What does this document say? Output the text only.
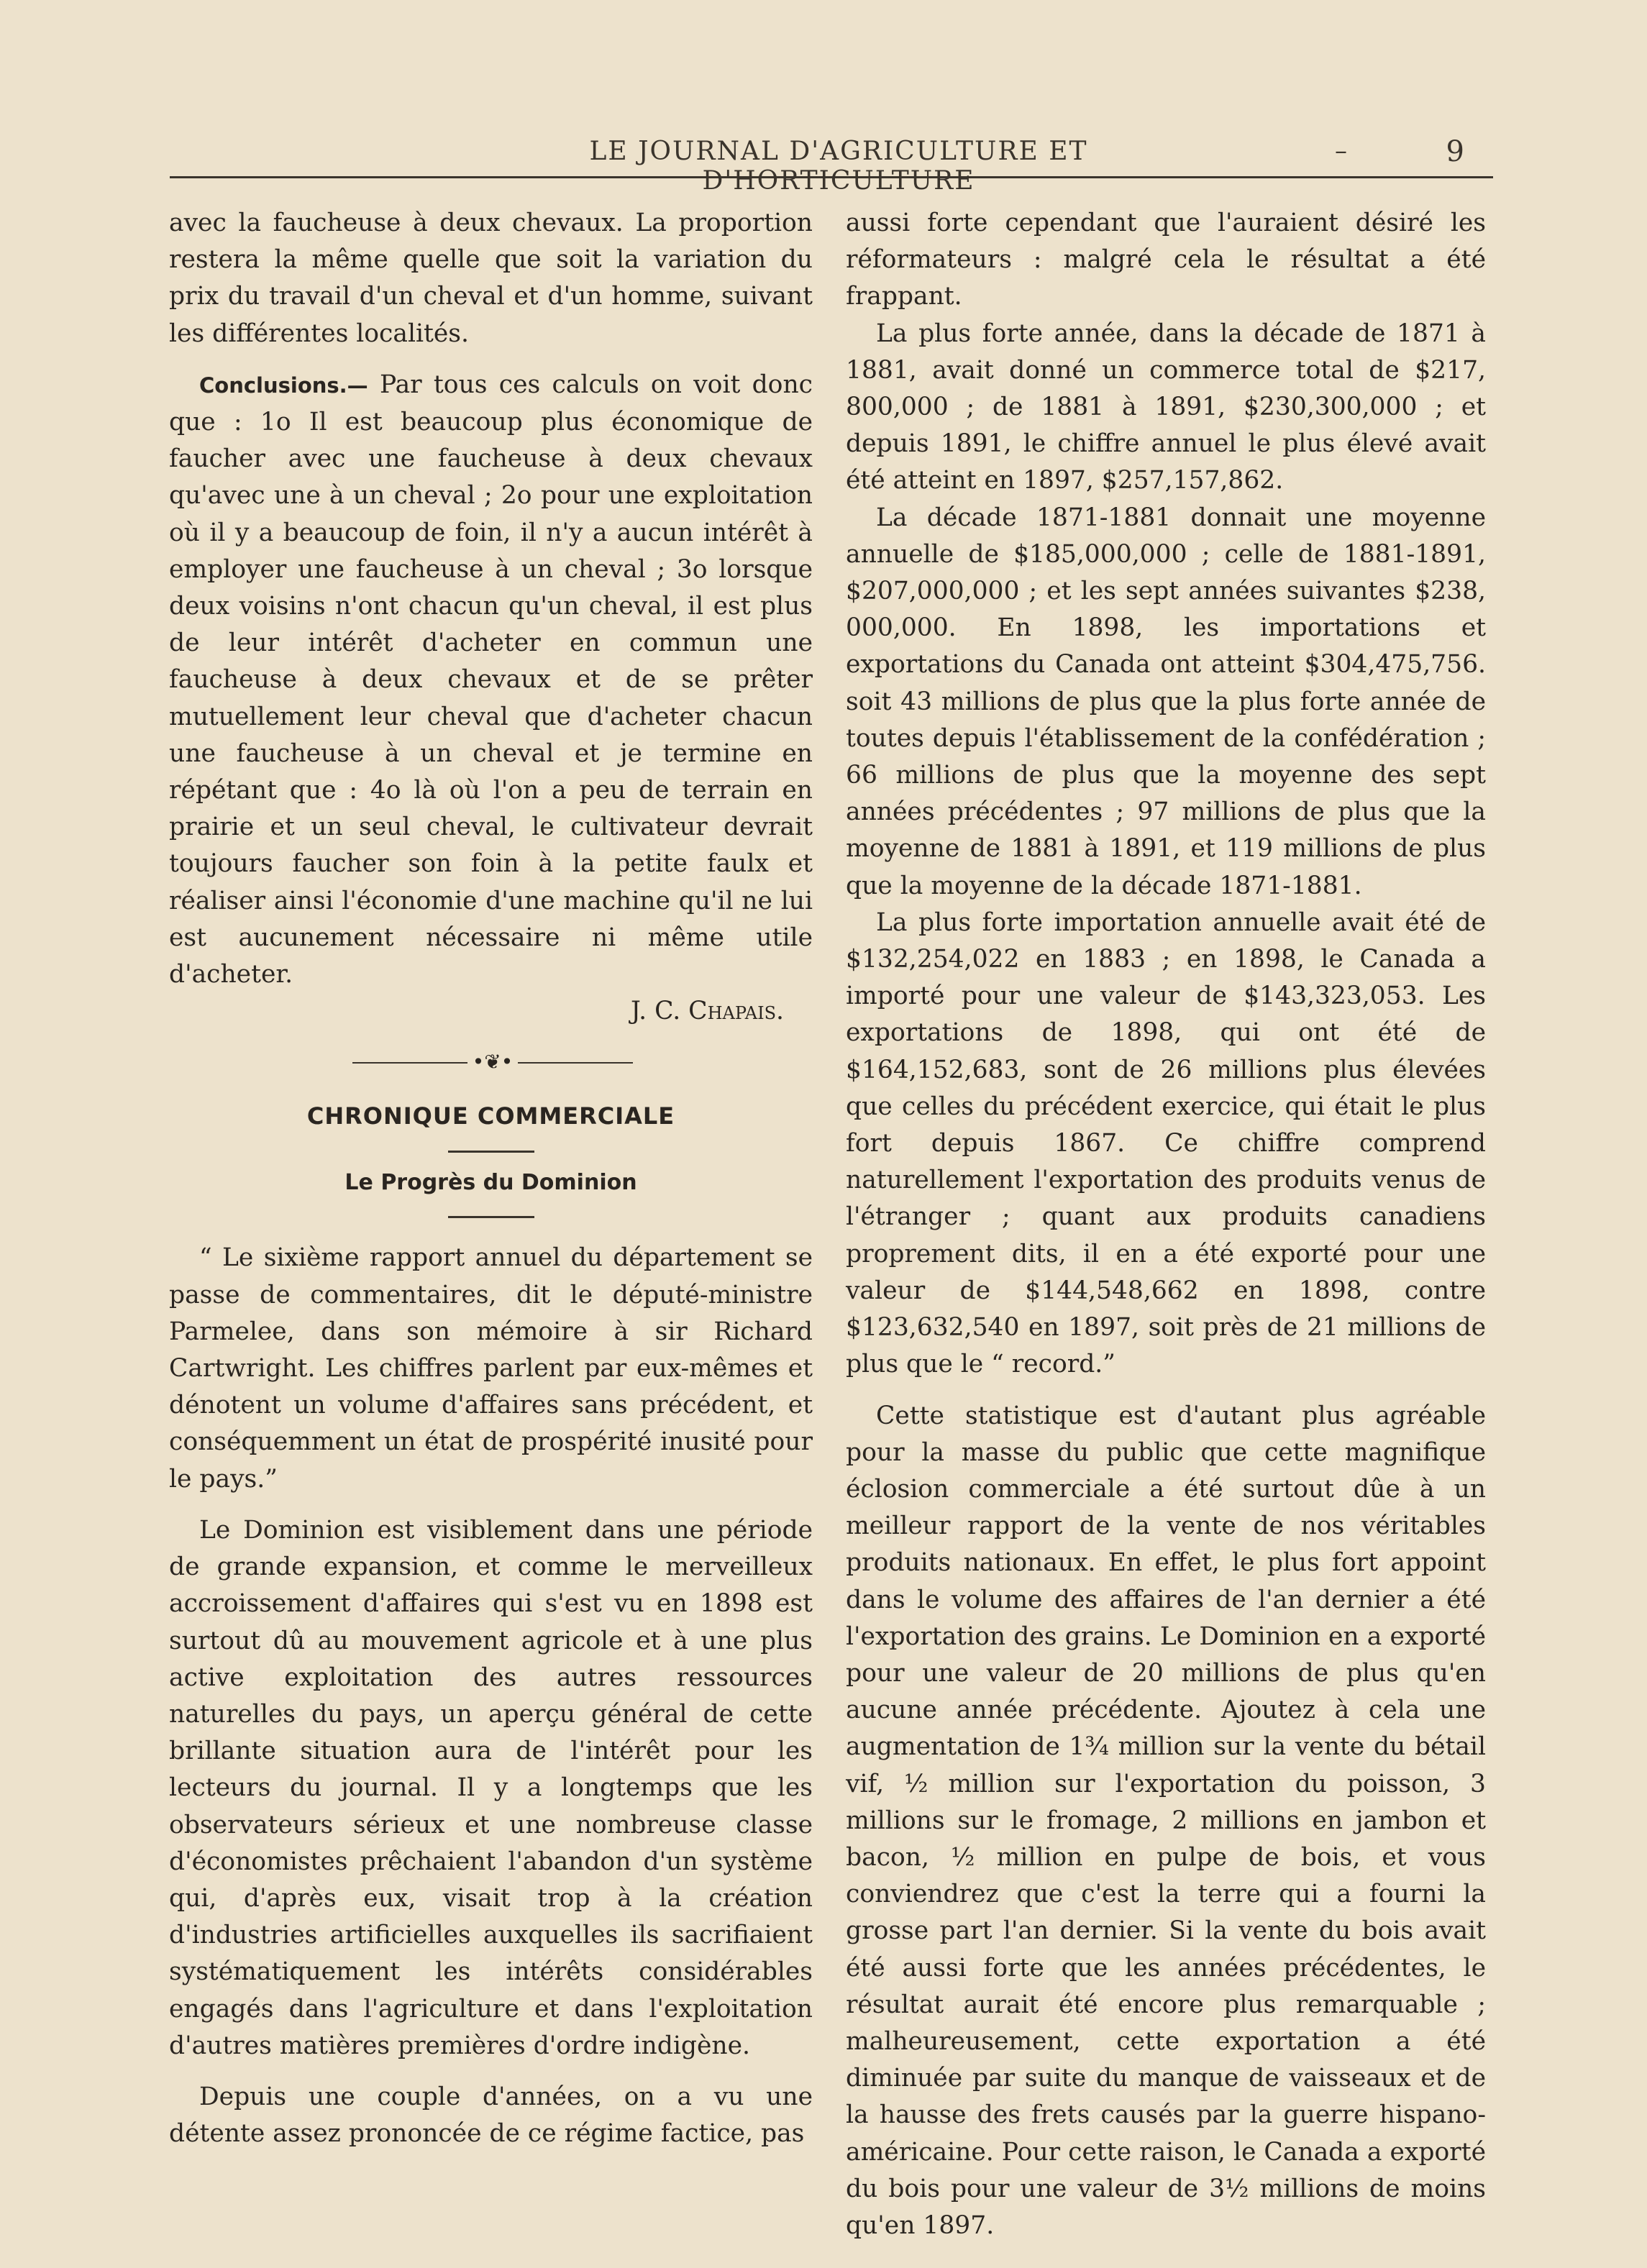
LE JOURNAL D'AGRICULTURE ET D'HORTICULTURE
–	9

avec la faucheuse à deux chevaux. La proportion restera la même quelle que soit la variation du prix du travail d'un cheval et d'un homme, suivant les différentes localités.

Conclusions.— Par tous ces calculs on voit donc que : 1o Il est beaucoup plus économique de faucher avec une faucheuse à deux chevaux qu'avec une à un cheval ; 2o pour une exploitation où il y a beaucoup de foin, il n'y a aucun intérêt à employer une faucheuse à un cheval ; 3o lorsque deux voisins n'ont chacun qu'un cheval, il est plus de leur intérêt d'acheter en commun une faucheuse à deux chevaux et de se prêter mutuellement leur cheval que d'acheter chacun une faucheuse à un cheval et je termine en répétant que : 4o là où l'on a peu de terrain en prairie et un seul cheval, le cultivateur devrait toujours faucher son foin à la petite faulx et réaliser ainsi l'économie d'une machine qu'il ne lui est aucunement nécessaire ni même utile d'acheter.

J. C. Chapais.

•❦•
CHRONIQUE COMMERCIALE
Le Progrès du Dominion

“ Le sixième rapport annuel du département se passe de commentaires, dit le député-ministre Parmelee, dans son mémoire à sir Richard Cartwright. Les chiffres parlent par eux-mêmes et dénotent un volume d'affaires sans précédent, et conséquemment un état de prospérité inusité pour le pays.”

Le Dominion est visiblement dans une période de grande expansion, et comme le merveilleux accroissement d'affaires qui s'est vu en 1898 est surtout dû au mouvement agricole et à une plus active exploitation des autres ressources naturelles du pays, un aperçu général de cette brillante situation aura de l'intérêt pour les lecteurs du journal. Il y a longtemps que les observateurs sérieux et une nombreuse classe d'économistes prêchaient l'abandon d'un système qui, d'après eux, visait trop à la création d'industries artificielles auxquelles ils sacrifiaient systématiquement les intérêts considérables engagés dans l'agriculture et dans l'exploitation d'autres matières premières d'ordre indigène.

Depuis une couple d'années, on a vu une détente assez prononcée de ce régime factice, pas

aussi forte cependant que l'auraient désiré les réformateurs : malgré cela le résultat a été frappant.

La plus forte année, dans la décade de 1871 à 1881, avait donné un commerce total de $217, 800,000 ; de 1881 à 1891, $230,300,000 ; et depuis 1891, le chiffre annuel le plus élevé avait été atteint en 1897, $257,157,862.

La décade 1871-1881 donnait une moyenne annuelle de $185,000,000 ; celle de 1881-1891, $207,000,000 ; et les sept années suivantes $238, 000,000. En 1898, les importations et exportations du Canada ont atteint $304,475,756. soit 43 millions de plus que la plus forte année de toutes depuis l'établissement de la confédération ; 66 millions de plus que la moyenne des sept années précédentes ; 97 millions de plus que la moyenne de 1881 à 1891, et 119 millions de plus que la moyenne de la décade 1871-1881.

La plus forte importation annuelle avait été de $132,254,022 en 1883 ; en 1898, le Canada a importé pour une valeur de $143,323,053. Les exportations de 1898, qui ont été de $164,152,683, sont de 26 millions plus élevées que celles du précédent exercice, qui était le plus fort depuis 1867. Ce chiffre comprend naturellement l'exportation des produits venus de l'étranger ; quant aux produits canadiens proprement dits, il en a été exporté pour une valeur de $144,548,662 en 1898, contre $123,632,540 en 1897, soit près de 21 millions de plus que le “ record.”

Cette statistique est d'autant plus agréable pour la masse du public que cette magnifique éclosion commerciale a été surtout dûe à un meilleur rapport de la vente de nos véritables produits nationaux. En effet, le plus fort appoint dans le volume des affaires de l'an dernier a été l'exportation des grains. Le Dominion en a exporté pour une valeur de 20 millions de plus qu'en aucune année précédente. Ajoutez à cela une augmentation de 1¾ million sur la vente du bétail vif, ½ million sur l'exportation du poisson, 3 millions sur le fromage, 2 millions en jambon et bacon, ½ million en pulpe de bois, et vous conviendrez que c'est la terre qui a fourni la grosse part l'an dernier. Si la vente du bois avait été aussi forte que les années précédentes, le résultat aurait été encore plus remarquable ; malheureusement, cette exportation a été diminuée par suite du manque de vaisseaux et de la hausse des frets causés par la guerre hispano-américaine. Pour cette raison, le Canada a exporté du bois pour une valeur de 3½ millions de moins qu'en 1897.
